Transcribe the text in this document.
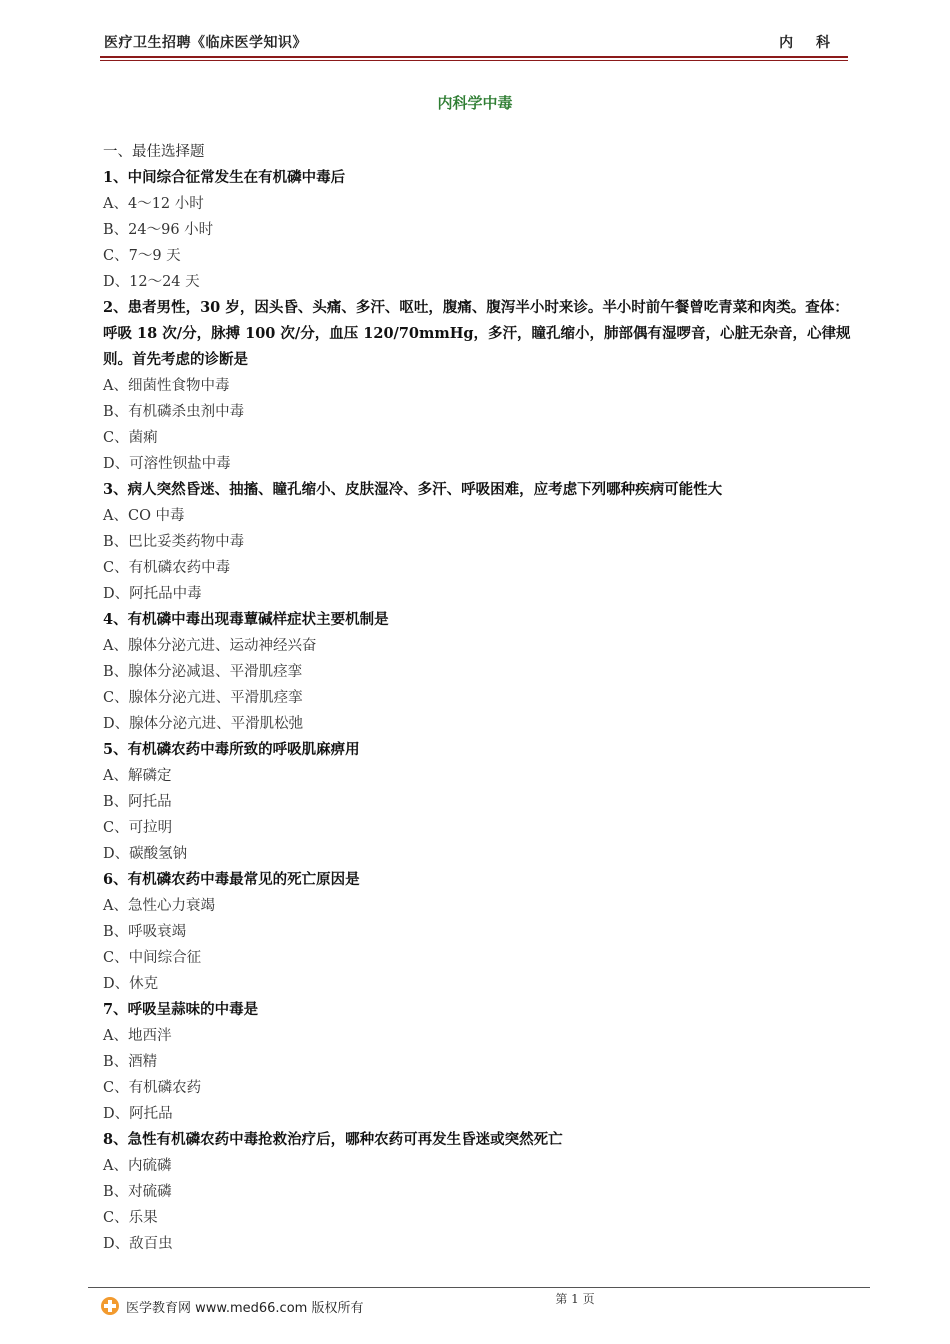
医疗卫生招聘《临床医学知识》	内 科
内科学中毒
一、最佳选择题
1、中间综合征常发生在有机磷中毒后
A、4～12 小时
B、24～96 小时
C、7～9 天
D、12～24 天
2、患者男性，30 岁，因头昏、头痛、多汗、呕吐，腹痛、腹泻半小时来诊。半小时前午餐曾吃青菜和肉类。查体：呼吸 18 次/分，脉搏 100 次/分，血压 120/70mmHg，多汗，瞳孔缩小，肺部偶有湿啰音，心脏无杂音，心律规则。首先考虑的诊断是
A、细菌性食物中毒
B、有机磷杀虫剂中毒
C、菌痢
D、可溶性钡盐中毒
3、病人突然昏迷、抽搐、瞳孔缩小、皮肤湿冷、多汗、呼吸困难，应考虑下列哪种疾病可能性大
A、CO 中毒
B、巴比妥类药物中毒
C、有机磷农药中毒
D、阿托品中毒
4、有机磷中毒出现毒蕈碱样症状主要机制是
A、腺体分泌亢进、运动神经兴奋
B、腺体分泌减退、平滑肌痉挛
C、腺体分泌亢进、平滑肌痉挛
D、腺体分泌亢进、平滑肌松弛
5、有机磷农药中毒所致的呼吸肌麻痹用
A、解磷定
B、阿托品
C、可拉明
D、碳酸氢钠
6、有机磷农药中毒最常见的死亡原因是
A、急性心力衰竭
B、呼吸衰竭
C、中间综合征
D、休克
7、呼吸呈蒜味的中毒是
A、地西泮
B、酒精
C、有机磷农药
D、阿托品
8、急性有机磷农药中毒抢救治疗后，哪种农药可再发生昏迷或突然死亡
A、内硫磷
B、对硫磷
C、乐果
D、敌百虫
医学教育网 www.med66.com 版权所有
第 1 页
